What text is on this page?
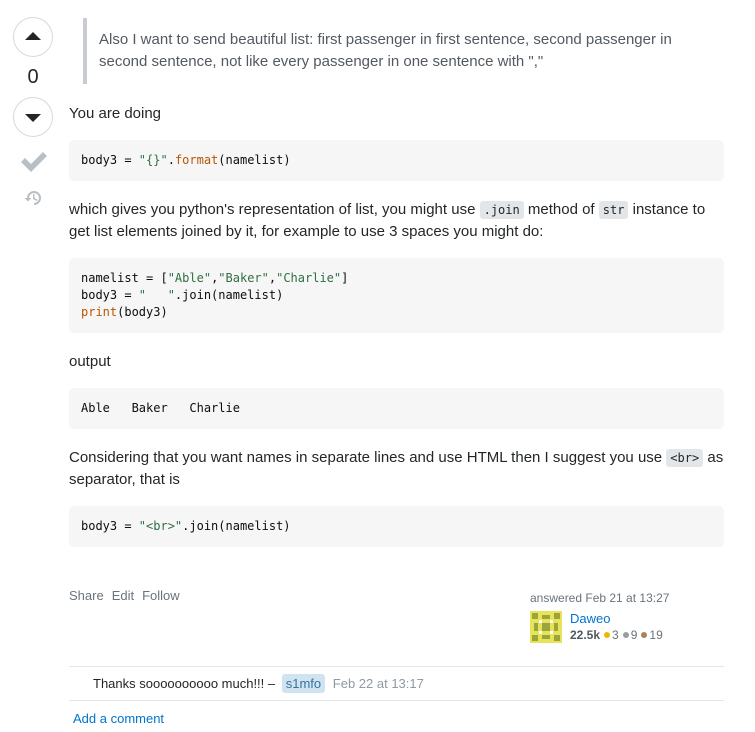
0
Also I want to send beautiful list: first passenger in first sentence, second passenger in second sentence, not like every passenger in one sentence with ","

You are doing

body3 = "{}".format(namelist)

which gives you python's representation of list, you might use .join method of str instance to get list elements joined by it, for example to use 3 spaces you might do:

namelist = ["Able","Baker","Charlie"]
body3 = "   ".join(namelist)
print(body3)

output

Able   Baker   Charlie

Considering that you want names in separate lines and use HTML then I suggest you use <br> as separator, that is

body3 = "<br>".join(namelist)
Share Edit Follow	answered Feb 21 at 13:27
Daweo
22.5k 3 9 19
Thanks soooooooooo much!!! – s1mfo Feb 22 at 13:17
Add a comment
